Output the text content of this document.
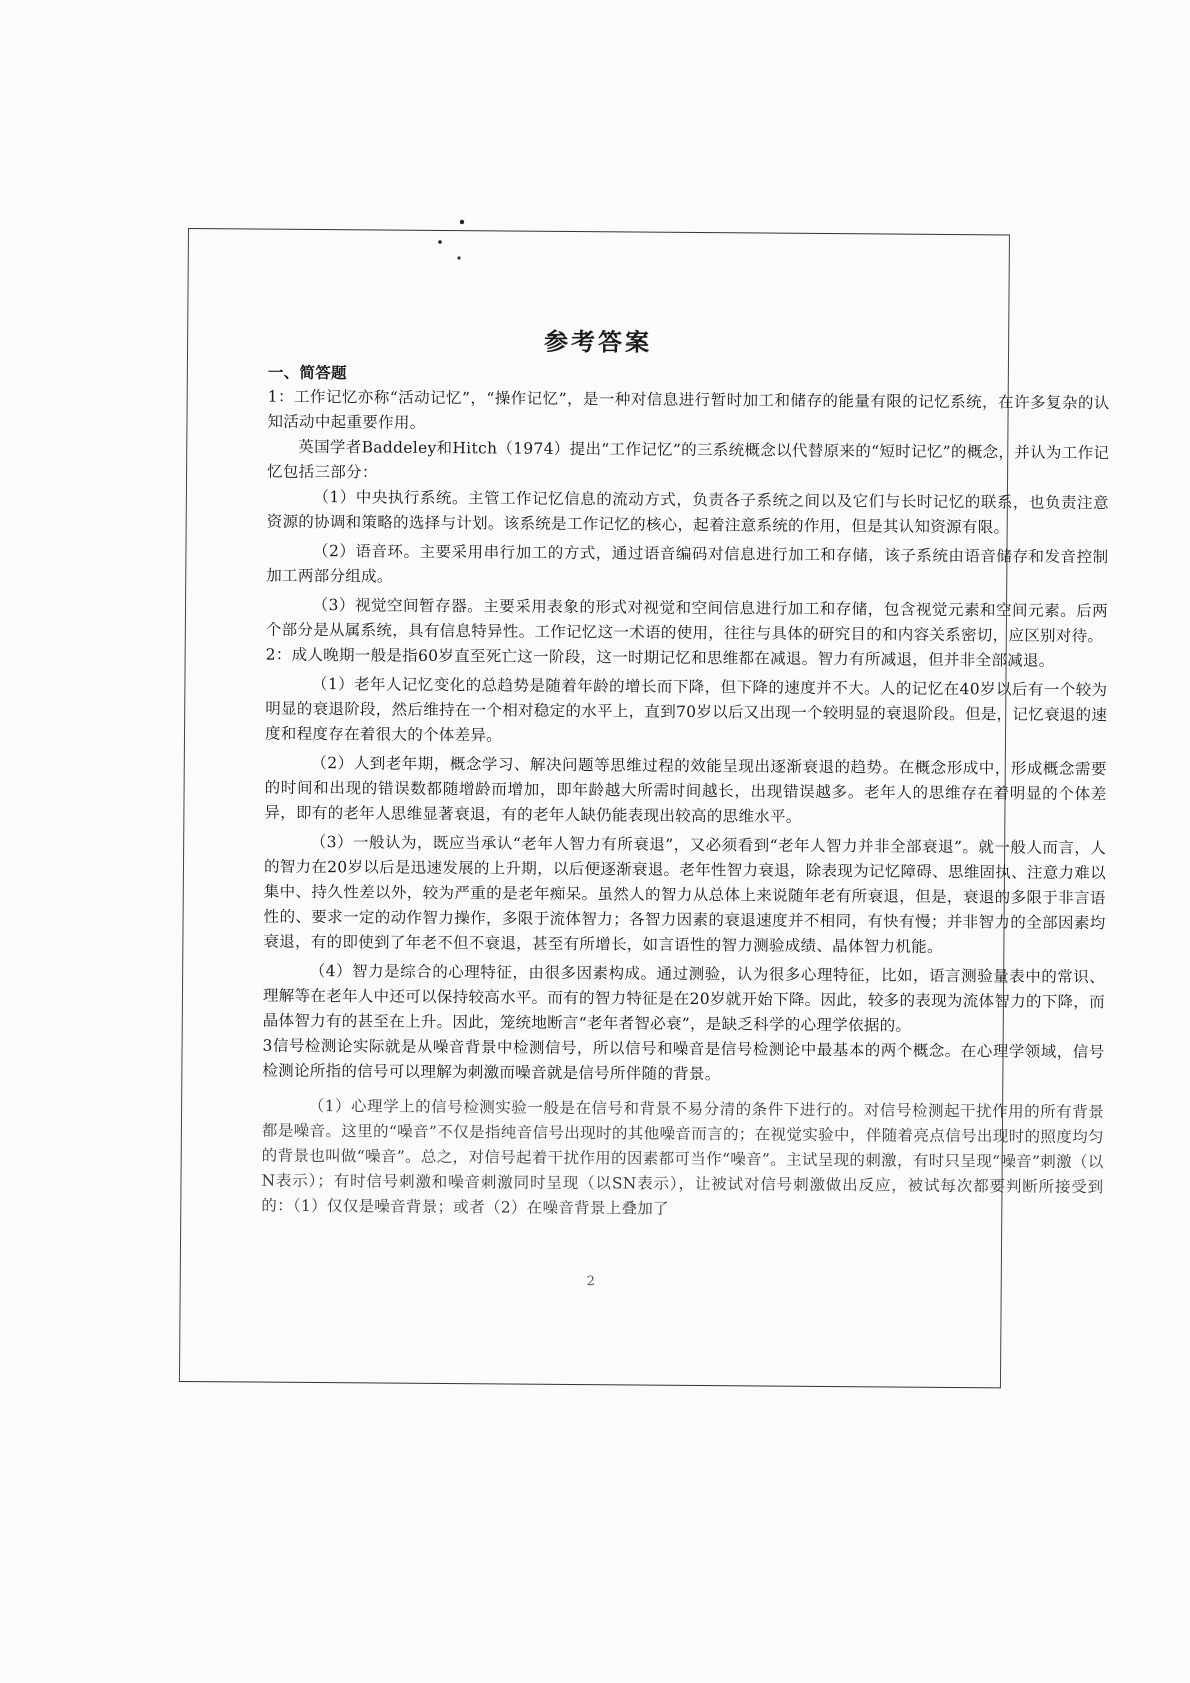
参考答案

一、简答题

1：工作记忆亦称“活动记忆”，“操作记忆”，是一种对信息进行暂时加工和储存的能量有限的记忆系统，在许多复杂的认知活动中起重要作用。

英国学者Baddeley和Hitch（1974）提出“工作记忆”的三系统概念以代替原来的“短时记忆”的概念，并认为工作记忆包括三部分：

（1）中央执行系统。主管工作记忆信息的流动方式，负责各子系统之间以及它们与长时记忆的联系，也负责注意资源的协调和策略的选择与计划。该系统是工作记忆的核心，起着注意系统的作用，但是其认知资源有限。

（2）语音环。主要采用串行加工的方式，通过语音编码对信息进行加工和存储，该子系统由语音储存和发音控制加工两部分组成。

（3）视觉空间暂存器。主要采用表象的形式对视觉和空间信息进行加工和存储，包含视觉元素和空间元素。后两个部分是从属系统，具有信息特异性。工作记忆这一术语的使用，往往与具体的研究目的和内容关系密切，应区别对待。

2：成人晚期一般是指60岁直至死亡这一阶段，这一时期记忆和思维都在减退。智力有所减退，但并非全部减退。

（1）老年人记忆变化的总趋势是随着年龄的增长而下降，但下降的速度并不大。人的记忆在40岁以后有一个较为明显的衰退阶段，然后维持在一个相对稳定的水平上，直到70岁以后又出现一个较明显的衰退阶段。但是，记忆衰退的速度和程度存在着很大的个体差异。

（2）人到老年期，概念学习、解决问题等思维过程的效能呈现出逐渐衰退的趋势。在概念形成中，形成概念需要的时间和出现的错误数都随增龄而增加，即年龄越大所需时间越长，出现错误越多。老年人的思维存在着明显的个体差异，即有的老年人思维显著衰退，有的老年人缺仍能表现出较高的思维水平。

（3）一般认为，既应当承认“老年人智力有所衰退”，又必须看到“老年人智力并非全部衰退”。就一般人而言，人的智力在20岁以后是迅速发展的上升期，以后便逐渐衰退。老年性智力衰退，除表现为记忆障碍、思维固执、注意力难以集中、持久性差以外，较为严重的是老年痴呆。虽然人的智力从总体上来说随年老有所衰退，但是，衰退的多限于非言语性的、要求一定的动作智力操作，多限于流体智力；各智力因素的衰退速度并不相同，有快有慢；并非智力的全部因素均衰退，有的即使到了年老不但不衰退，甚至有所增长，如言语性的智力测验成绩、晶体智力机能。

（4）智力是综合的心理特征，由很多因素构成。通过测验，认为很多心理特征，比如，语言测验量表中的常识、理解等在老年人中还可以保持较高水平。而有的智力特征是在20岁就开始下降。因此，较多的表现为流体智力的下降，而晶体智力有的甚至在上升。因此，笼统地断言“老年者智必衰”，是缺乏科学的心理学依据的。

3信号检测论实际就是从噪音背景中检测信号，所以信号和噪音是信号检测论中最基本的两个概念。在心理学领域，信号检测论所指的信号可以理解为刺激而噪音就是信号所伴随的背景。

（1）心理学上的信号检测实验一般是在信号和背景不易分清的条件下进行的。对信号检测起干扰作用的所有背景都是噪音。这里的“噪音”不仅是指纯音信号出现时的其他噪音而言的；在视觉实验中，伴随着亮点信号出现时的照度均匀的背景也叫做“噪音”。总之，对信号起着干扰作用的因素都可当作“噪音”。主试呈现的刺激，有时只呈现“噪音”刺激（以N表示）；有时信号刺激和噪音刺激同时呈现（以SN表示），让被试对信号刺激做出反应，被试每次都要判断所接受到的：（1）仅仅是噪音背景；或者（2）在噪音背景上叠加了

2
